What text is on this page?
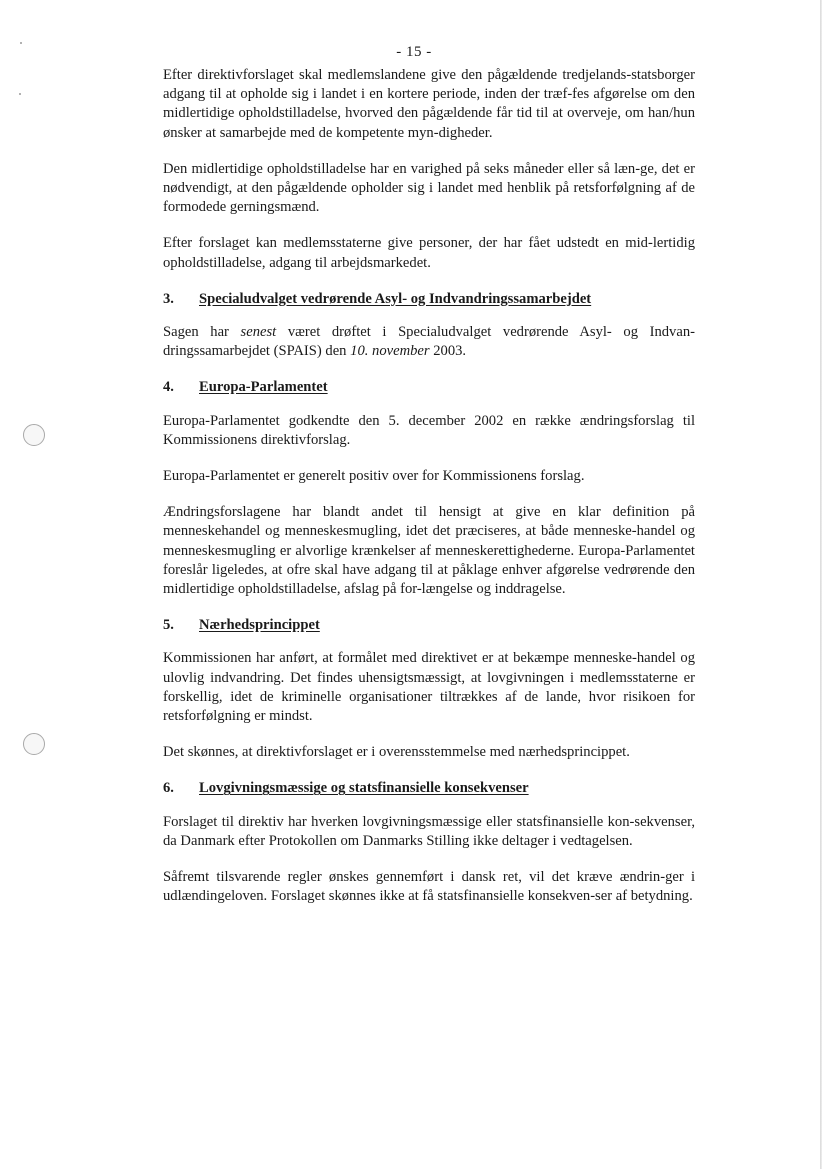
- 15 -

Efter direktivforslaget skal medlemslandene give den pågældende tredjelands-statsborger adgang til at opholde sig i landet i en kortere periode, inden der træf-fes afgørelse om den midlertidige opholdstilladelse, hvorved den pågældende får tid til at overveje, om han/hun ønsker at samarbejde med de kompetente myn-digheder.

Den midlertidige opholdstilladelse har en varighed på seks måneder eller så læn-ge, det er nødvendigt, at den pågældende opholder sig i landet med henblik på retsforfølgning af de formodede gerningsmænd.

Efter forslaget kan medlemsstaterne give personer, der har fået udstedt en mid-lertidig opholdstilladelse, adgang til arbejdsmarkedet.

3.	Specialudvalget vedrørende Asyl- og Indvandringssamarbejdet

Sagen har senest været drøftet i Specialudvalget vedrørende Asyl- og Indvan-dringssamarbejdet (SPAIS) den 10. november 2003.

4.	Europa-Parlamentet

Europa-Parlamentet godkendte den 5. december 2002 en række ændringsforslag til Kommissionens direktivforslag.

Europa-Parlamentet er generelt positiv over for Kommissionens forslag.

Ændringsforslagene har blandt andet til hensigt at give en klar definition på menneskehandel og menneskesmugling, idet det præciseres, at både menneske-handel og menneskesmugling er alvorlige krænkelser af menneskerettighederne. Europa-Parlamentet foreslår ligeledes, at ofre skal have adgang til at påklage enhver afgørelse vedrørende den midlertidige opholdstilladelse, afslag på for-længelse og inddragelse.

5.	Nærhedsprincippet

Kommissionen har anført, at formålet med direktivet er at bekæmpe menneske-handel og ulovlig indvandring. Det findes uhensigtsmæssigt, at lovgivningen i medlemsstaterne er forskellig, idet de kriminelle organisationer tiltrækkes af de lande, hvor risikoen for retsforfølgning er mindst.

Det skønnes, at direktivforslaget er i overensstemmelse med nærhedsprincippet.

6.	Lovgivningsmæssige og statsfinansielle konsekvenser

Forslaget til direktiv har hverken lovgivningsmæssige eller statsfinansielle kon-sekvenser, da Danmark efter Protokollen om Danmarks Stilling ikke deltager i vedtagelsen.

Såfremt tilsvarende regler ønskes gennemført i dansk ret, vil det kræve ændrin-ger i udlændingeloven. Forslaget skønnes ikke at få statsfinansielle konsekven-ser af betydning.
